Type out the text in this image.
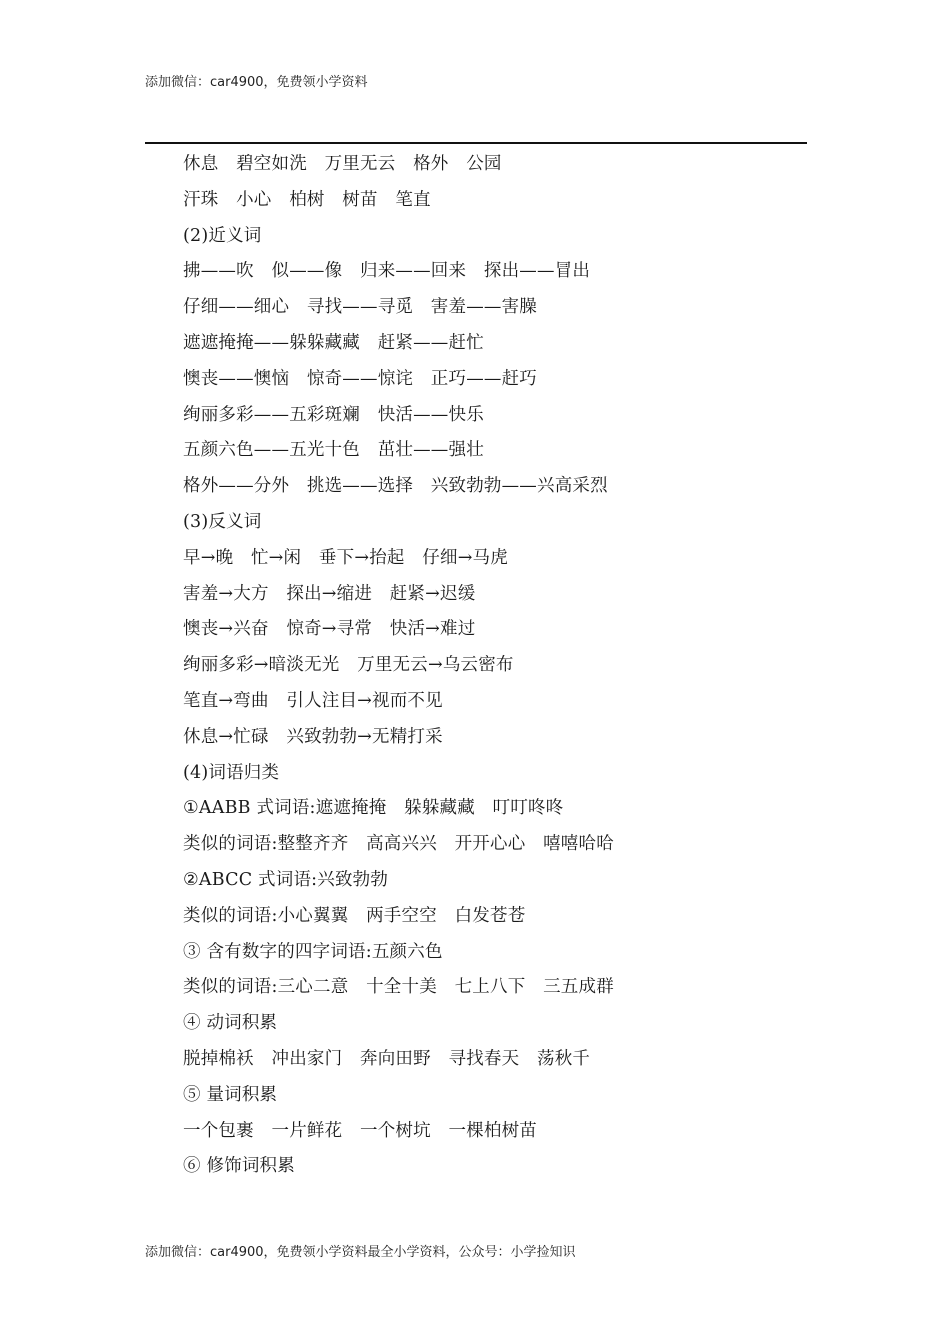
添加微信：car4900，免费领小学资料
休息　碧空如洗　万里无云　格外　公园
汗珠　小心　柏树　树苗　笔直
(2)近义词
拂——吹　似——像　归来——回来　探出——冒出
仔细——细心　寻找——寻觅　害羞——害臊
遮遮掩掩——躲躲藏藏　赶紧——赶忙
懊丧——懊恼　惊奇——惊诧　正巧——赶巧
绚丽多彩——五彩斑斓　快活——快乐
五颜六色——五光十色　茁壮——强壮
格外——分外　挑选——选择　兴致勃勃——兴高采烈
(3)反义词
早→晚　忙→闲　垂下→抬起　仔细→马虎
害羞→大方　探出→缩进　赶紧→迟缓
懊丧→兴奋　惊奇→寻常　快活→难过
绚丽多彩→暗淡无光　万里无云→乌云密布
笔直→弯曲　引人注目→视而不见
休息→忙碌　兴致勃勃→无精打采
(4)词语归类
①AABB 式词语:遮遮掩掩　躲躲藏藏　叮叮咚咚
类似的词语:整整齐齐　高高兴兴　开开心心　嘻嘻哈哈
②ABCC 式词语:兴致勃勃
类似的词语:小心翼翼　两手空空　白发苍苍
③ 含有数字的四字词语:五颜六色
类似的词语:三心二意　十全十美　七上八下　三五成群
④ 动词积累
脱掉棉袄　冲出家门　奔向田野　寻找春天　荡秋千
⑤ 量词积累
一个包裹　一片鲜花　一个树坑　一棵柏树苗
⑥ 修饰词积累
添加微信：car4900，免费领小学资料最全小学资料，公众号：小学捡知识
